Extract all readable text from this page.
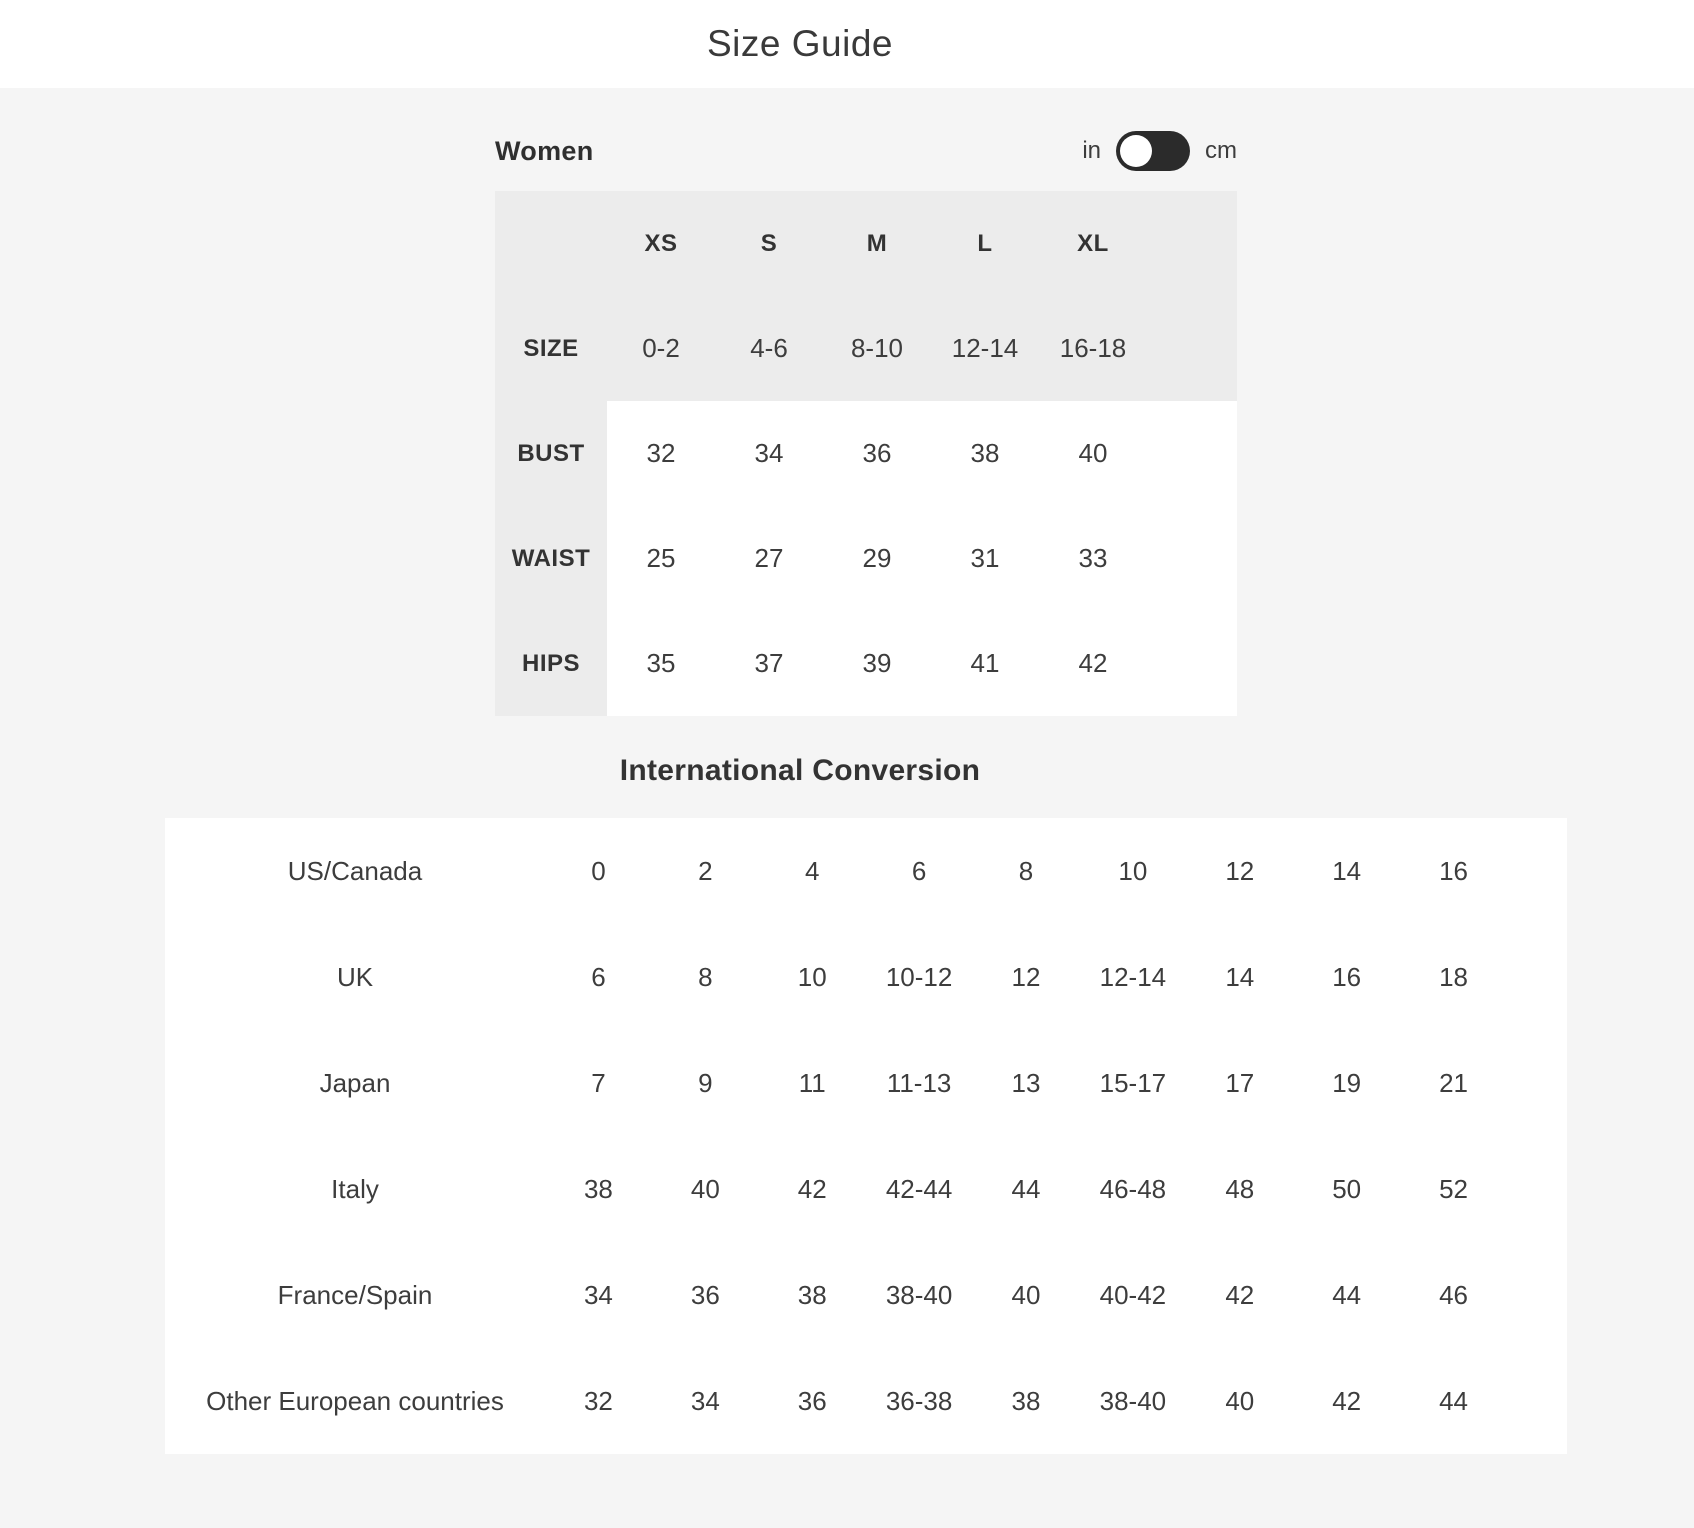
Size Guide
Women	in	cm
XS	S	M	L	XL
SIZE	0-2	4-6	8-10	12-14	16-18
BUST	32	34	36	38	40
WAIST	25	27	29	31	33
HIPS	35	37	39	41	42
International Conversion
US/Canada	0	2	4	6	8	10	12	14	16
UK	6	8	10	10-12	12	12-14	14	16	18
Japan	7	9	11	11-13	13	15-17	17	19	21
Italy	38	40	42	42-44	44	46-48	48	50	52
France/Spain	34	36	38	38-40	40	40-42	42	44	46
Other European countries	32	34	36	36-38	38	38-40	40	42	44
